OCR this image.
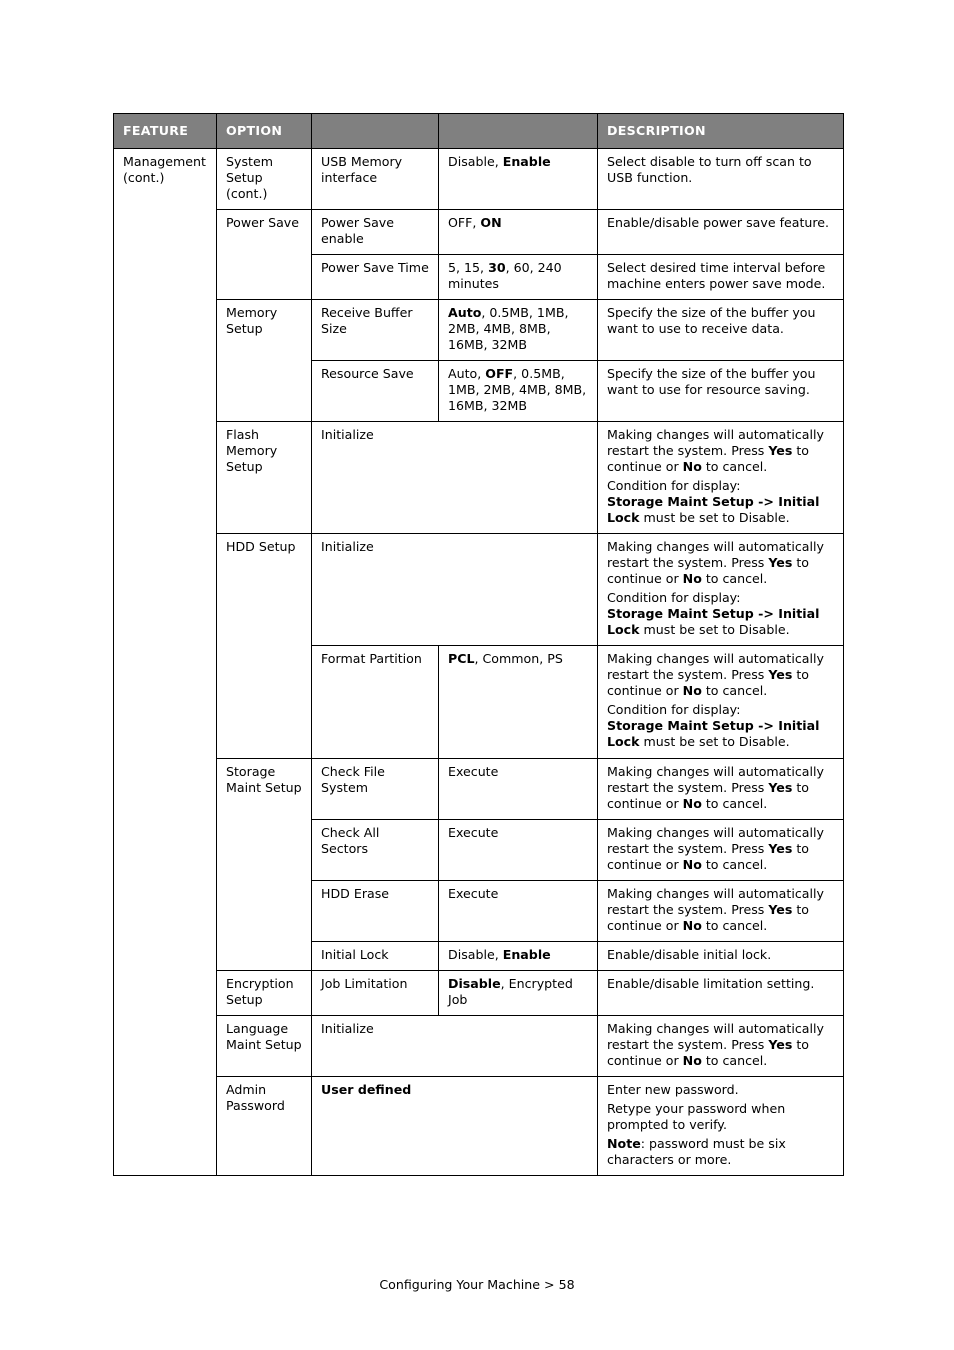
FEATURE	OPTION			DESCRIPTION
Management (cont.)	System Setup (cont.)	USB Memory interface	Disable, Enable	Select disable to turn off scan to USB function.
	Power Save	Power Save enable	OFF, ON	Enable/disable power save feature.
		Power Save Time	5, 15, 30, 60, 240 minutes	Select desired time interval before machine enters power save mode.
	Memory Setup	Receive Buffer Size	Auto, 0.5MB, 1MB, 2MB, 4MB, 8MB, 16MB, 32MB	Specify the size of the buffer you want to use to receive data.
		Resource Save	Auto, OFF, 0.5MB, 1MB, 2MB, 4MB, 8MB, 16MB, 32MB	Specify the size of the buffer you want to use for resource saving.
	Flash Memory Setup	Initialize		Making changes will automatically restart the system. Press Yes to continue or No to cancel.
Condition for display:
Storage Maint Setup -> Initial Lock must be set to Disable.

	HDD Setup	Initialize		Making changes will automatically restart the system. Press Yes to continue or No to cancel.
Condition for display:
Storage Maint Setup -> Initial Lock must be set to Disable.

		Format Partition	PCL, Common, PS	Making changes will automatically restart the system. Press Yes to continue or No to cancel.
Condition for display:
Storage Maint Setup -> Initial Lock must be set to Disable.

	Storage Maint Setup	Check File System	Execute	Making changes will automatically restart the system. Press Yes to continue or No to cancel.

		Check All Sectors	Execute	Making changes will automatically restart the system. Press Yes to continue or No to cancel.

		HDD Erase	Execute	Making changes will automatically restart the system. Press Yes to continue or No to cancel.

		Initial Lock	Disable, Enable	Enable/disable initial lock.
	Encryption Setup	Job Limitation	Disable, Encrypted Job	Enable/disable limitation setting.
	Language Maint Setup	Initialize		Making changes will automatically restart the system. Press Yes to continue or No to cancel.

	Admin Password	User defined		Enter new password.
Retype your password when prompted to verify.
Note: password must be six characters or more.
Configuring Your Machine > 58
